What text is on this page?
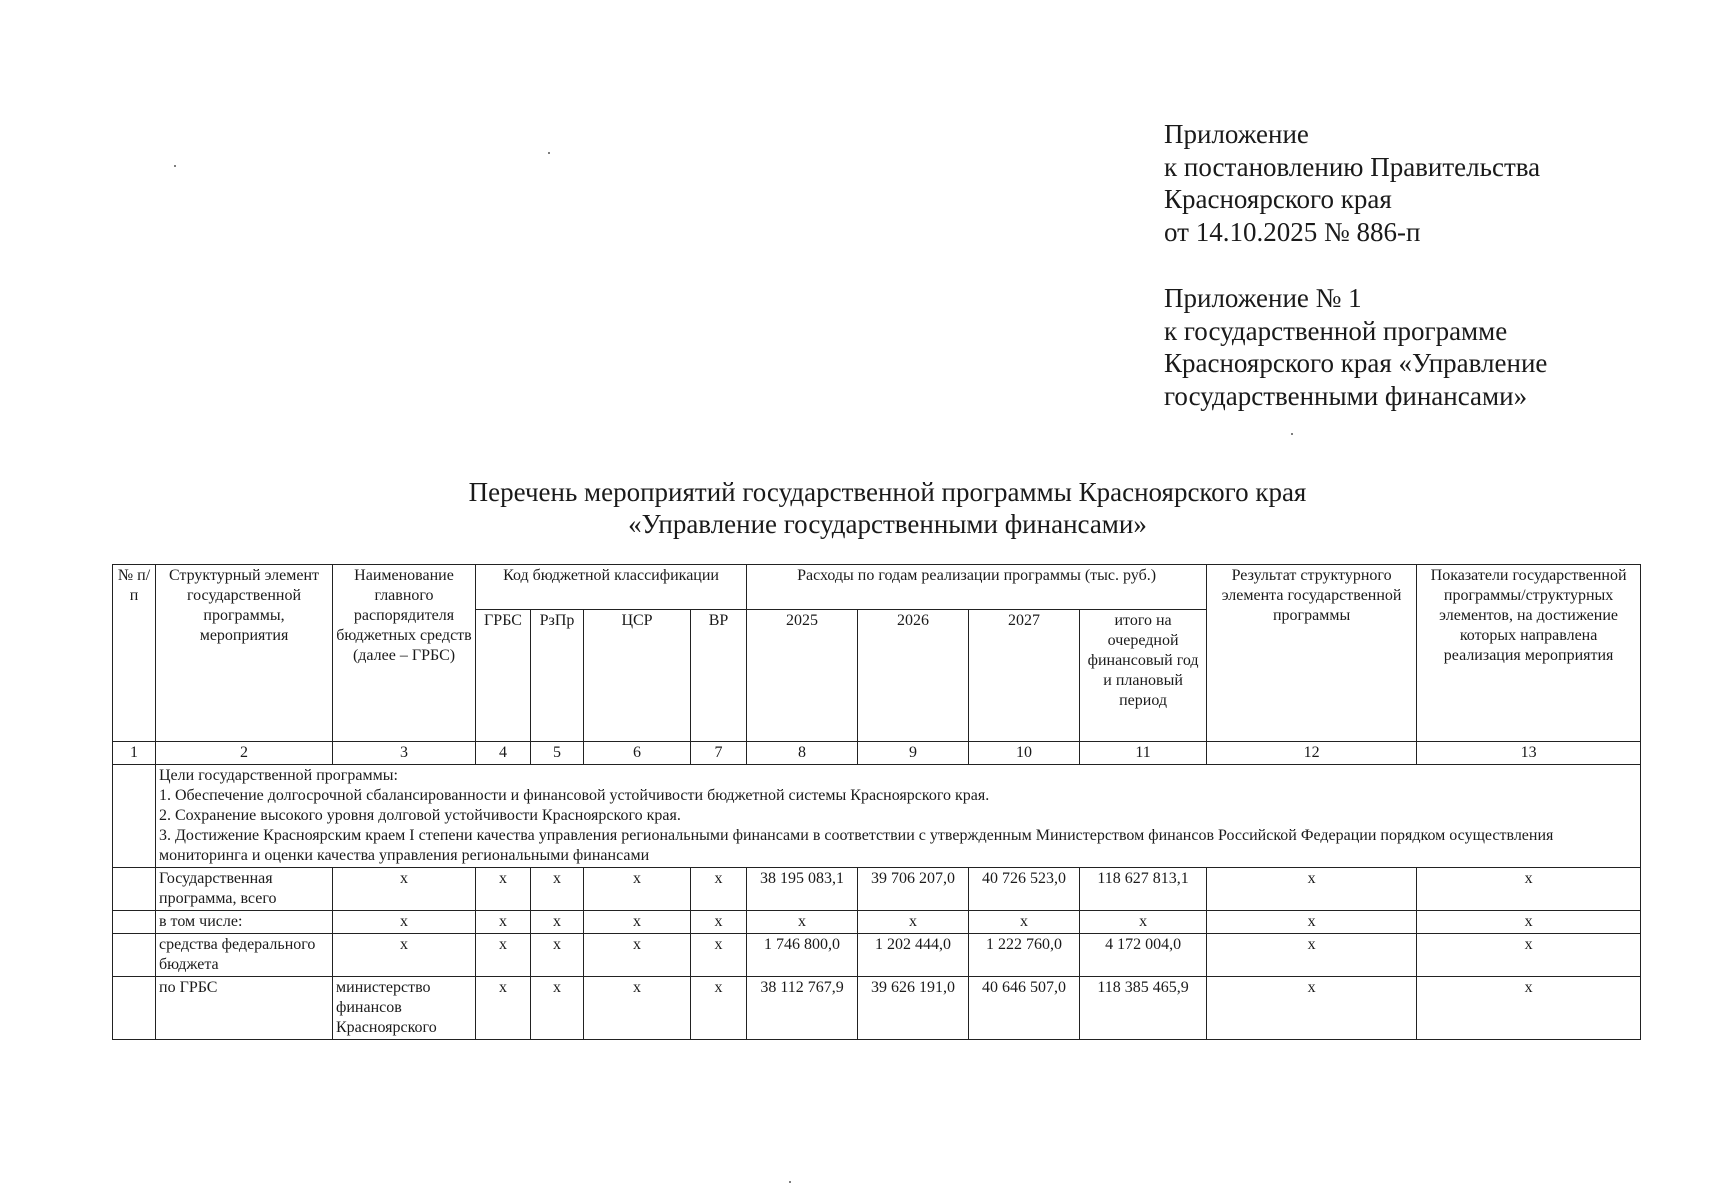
Приложение
к постановлению Правительства
Красноярского края
от 14.10.2025 № 886-п
Приложение № 1
к государственной программе
Красноярского края «Управление
государственными финансами»
Перечень мероприятий государственной программы Красноярского края
«Управление государственными финансами»
№ п/п	Структурный элемент государственной программы, мероприятия	Наименование главного распорядителя бюджетных средств (далее – ГРБС)	Код бюджетной классификации				Расходы по годам реализации программы (тыс. руб.)				Результат структурного элемента государственной программы	Показатели государственной программы/структурных элементов, на достижение которых направлена реализация мероприятия
			ГРБС	РзПр	ЦСР	ВР	2025	2026	2027	итого на очередной финансовый год и плановый период		
1	2	3	4	5	6	7	8	9	10	11	12	13

	Цели государственной программы:
1. Обеспечение долгосрочной сбалансированности и финансовой устойчивости бюджетной системы Красноярского края.
2. Сохранение высокого уровня долговой устойчивости Красноярского края.
3. Достижение Красноярским краем I степени качества управления региональными финансами в соответствии с утвержденным Министерством финансов Российской Федерации порядком осуществления мониторинга и оценки качества управления региональными финансами											

	Государственная программа, всего	x	x	x	x	x	38 195 083,1	39 706 207,0	40 726 523,0	118 627 813,1	x	x
	в том числе:	x	x	x	x	x	x	x	x	x	x	x
	средства федерального бюджета	x	x	x	x	x	1 746 800,0	1 202 444,0	1 222 760,0	4 172 004,0	x	x
	по ГРБС	министерство финансов Красноярского	x	x	x	x	38 112 767,9	39 626 191,0	40 646 507,0	118 385 465,9	x	x
